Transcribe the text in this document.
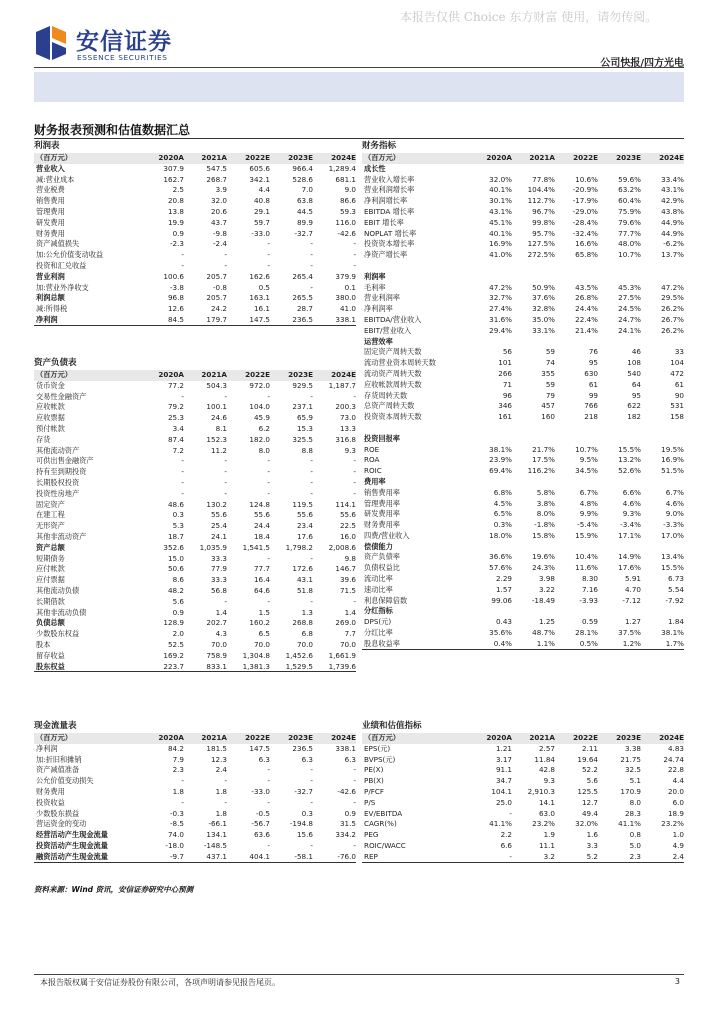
本报告仅供 Choice 东方财富 使用，请勿传阅。
安信证券
ESSENCE SECURITIES
公司快报/四方光电
财务报表预测和估值数据汇总
利润表
（百万元）	2020A	2021A	2022E	2023E	2024E
营业收入	307.9	547.5	605.6	966.4	1,289.4
减:营业成本	162.7	268.7	342.1	528.6	681.1
营业税费	2.5	3.9	4.4	7.0	9.0
销售费用	20.8	32.0	40.8	63.8	86.6
管理费用	13.8	20.6	29.1	44.5	59.3
研发费用	19.9	43.7	59.7	89.9	116.0
财务费用	0.9	-9.8	-33.0	-32.7	-42.6
资产减值损失	-2.3	-2.4	-	-	-
加:公允价值变动收益	-	-	-	-	-
投资和汇兑收益	-	-	-	-	-
营业利润	100.6	205.7	162.6	265.4	379.9
加:营业外净收支	-3.8	-0.8	0.5	-	0.1
利润总额	96.8	205.7	163.1	265.5	380.0
减:所得税	12.6	24.2	16.1	28.7	41.0
净利润	84.5	179.7	147.5	236.5	338.1
资产负债表
（百万元）	2020A	2021A	2022E	2023E	2024E
货币资金	77.2	504.3	972.0	929.5	1,187.7
交易性金融资产	-	-	-	-	-
应收帐款	79.2	100.1	104.0	237.1	200.3
应收票据	25.3	24.6	45.9	65.9	73.0
预付帐款	3.4	8.1	6.2	15.3	13.3
存货	87.4	152.3	182.0	325.5	316.8
其他流动资产	7.2	11.2	8.0	8.8	9.3
可供出售金融资产	-	-	-	-	-
持有至到期投资	-	-	-	-	-
长期股权投资	-	-	-	-	-
投资性房地产	-	-	-	-	-
固定资产	48.6	130.2	124.8	119.5	114.1
在建工程	0.3	55.6	55.6	55.6	55.6
无形资产	5.3	25.4	24.4	23.4	22.5
其他非流动资产	18.7	24.1	18.4	17.6	16.0
资产总额	352.6	1,035.9	1,541.5	1,798.2	2,008.6
短期债务	15.0	33.3	-	-	9.8
应付帐款	50.6	77.9	77.7	172.6	146.7
应付票据	8.6	33.3	16.4	43.1	39.6
其他流动负债	48.2	56.8	64.6	51.8	71.5
长期借款	5.6	-	-	-	-
其他非流动负债	0.9	1.4	1.5	1.3	1.4
负债总额	128.9	202.7	160.2	268.8	269.0
少数股东权益	2.0	4.3	6.5	6.8	7.7
股本	52.5	70.0	70.0	70.0	70.0
留存收益	169.2	758.9	1,304.8	1,452.6	1,661.9
股东权益	223.7	833.1	1,381.3	1,529.5	1,739.6
现金流量表
（百万元）	2020A	2021A	2022E	2023E	2024E
净利润	84.2	181.5	147.5	236.5	338.1
加:折旧和摊销	7.9	12.3	6.3	6.3	6.3
资产减值准备	2.3	2.4	-	-	-
公允价值变动损失	-	-	-	-	-
财务费用	1.8	1.8	-33.0	-32.7	-42.6
投资收益	-	-	-	-	-
少数股东损益	-0.3	1.8	-0.5	0.3	0.9
营运资金的变动	-8.5	-66.1	-56.7	-194.8	31.5
经营活动产生现金流量	74.0	134.1	63.6	15.6	334.2
投资活动产生现金流量	-18.0	-148.5	-	-	-
融资活动产生现金流量	-9.7	437.1	404.1	-58.1	-76.0
财务指标
（百万元）	2020A	2021A	2022E	2023E	2024E
成长性
营业收入增长率	32.0%	77.8%	10.6%	59.6%	33.4%
营业利润增长率	40.1%	104.4%	-20.9%	63.2%	43.1%
净利润增长率	30.1%	112.7%	-17.9%	60.4%	42.9%
EBITDA 增长率	43.1%	96.7%	-29.0%	75.9%	43.8%
EBIT 增长率	45.1%	99.8%	-28.4%	79.6%	44.9%
NOPLAT 增长率	40.1%	95.7%	-32.4%	77.7%	44.9%
投资资本增长率	16.9%	127.5%	16.6%	48.0%	-6.2%
净资产增长率	41.0%	272.5%	65.8%	10.7%	13.7%
利润率
毛利率	47.2%	50.9%	43.5%	45.3%	47.2%
营业利润率	32.7%	37.6%	26.8%	27.5%	29.5%
净利润率	27.4%	32.8%	24.4%	24.5%	26.2%
EBITDA/营业收入	31.6%	35.0%	22.4%	24.7%	26.7%
EBIT/营业收入	29.4%	33.1%	21.4%	24.1%	26.2%
运营效率
固定资产周转天数	56	59	76	46	33
流动营业资本周转天数	101	74	95	108	104
流动资产周转天数	266	355	630	540	472
应收帐款周转天数	71	59	61	64	61
存货周转天数	96	79	99	95	90
总资产周转天数	346	457	766	622	531
投资资本周转天数	161	160	218	182	158
投资回报率
ROE	38.1%	21.7%	10.7%	15.5%	19.5%
ROA	23.9%	17.5%	9.5%	13.2%	16.9%
ROIC	69.4%	116.2%	34.5%	52.6%	51.5%
费用率
销售费用率	6.8%	5.8%	6.7%	6.6%	6.7%
管理费用率	4.5%	3.8%	4.8%	4.6%	4.6%
研发费用率	6.5%	8.0%	9.9%	9.3%	9.0%
财务费用率	0.3%	-1.8%	-5.4%	-3.4%	-3.3%
四费/营业收入	18.0%	15.8%	15.9%	17.1%	17.0%
偿债能力
资产负债率	36.6%	19.6%	10.4%	14.9%	13.4%
负债权益比	57.6%	24.3%	11.6%	17.6%	15.5%
流动比率	2.29	3.98	8.30	5.91	6.73
速动比率	1.57	3.22	7.16	4.70	5.54
利息保障倍数	99.06	-18.49	-3.93	-7.12	-7.92
分红指标
DPS(元)	0.43	1.25	0.59	1.27	1.84
分红比率	35.6%	48.7%	28.1%	37.5%	38.1%
股息收益率	0.4%	1.1%	0.5%	1.2%	1.7%
业绩和估值指标
（百万元）	2020A	2021A	2022E	2023E	2024E
EPS(元)	1.21	2.57	2.11	3.38	4.83
BVPS(元)	3.17	11.84	19.64	21.75	24.74
PE(X)	91.1	42.8	52.2	32.5	22.8
PB(X)	34.7	9.3	5.6	5.1	4.4
P/FCF	104.1	2,910.3	125.5	170.9	20.0
P/S	25.0	14.1	12.7	8.0	6.0
EV/EBITDA	-	63.0	49.4	28.3	18.9
CAGR(%)	41.1%	23.2%	32.0%	41.1%	23.2%
PEG	2.2	1.9	1.6	0.8	1.0
ROIC/WACC	6.6	11.1	3.3	5.0	4.9
REP	-	3.2	5.2	2.3	2.4
资料来源：Wind 资讯，安信证券研究中心预测
本报告版权属于安信证券股份有限公司，各项声明请参见报告尾页。	3
